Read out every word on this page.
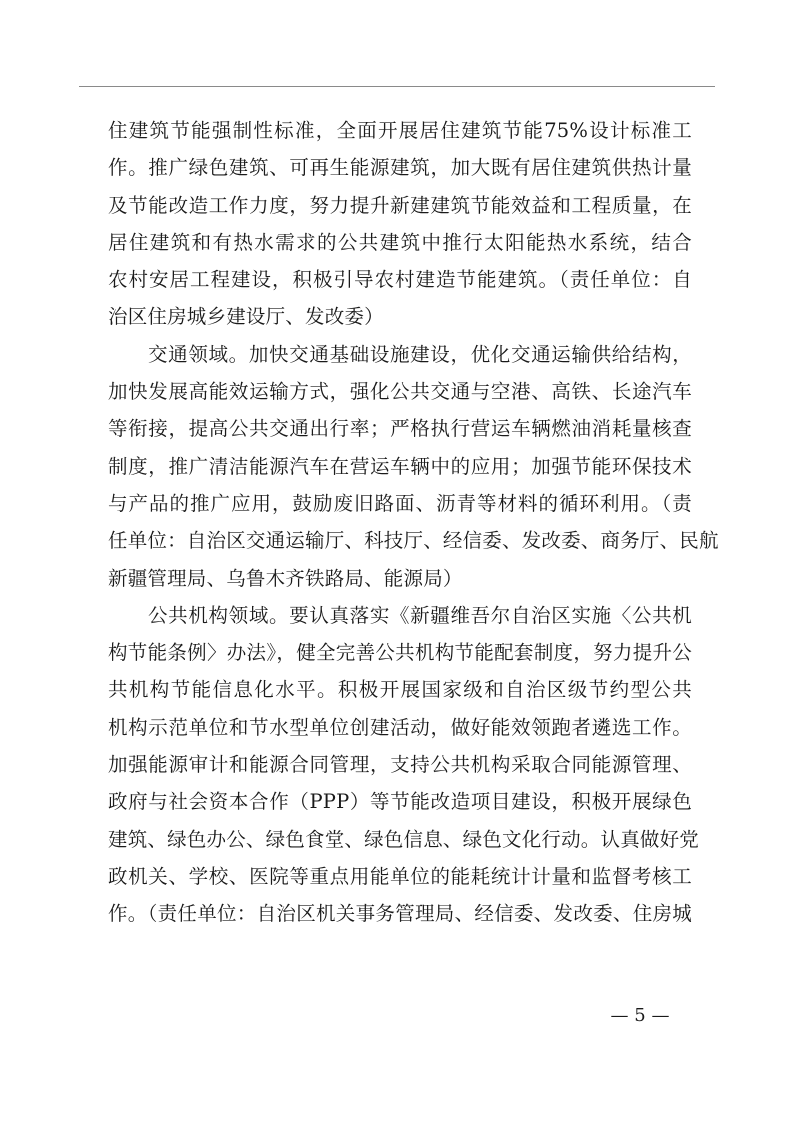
住建筑节能强制性标准，全面开展居住建筑节能75%设计标准工
作。推广绿色建筑、可再生能源建筑，加大既有居住建筑供热计量
及节能改造工作力度，努力提升新建建筑节能效益和工程质量，在
居住建筑和有热水需求的公共建筑中推行太阳能热水系统，结合
农村安居工程建设，积极引导农村建造节能建筑。（责任单位：自
治区住房城乡建设厅、发改委）
交通领域。加快交通基础设施建设，优化交通运输供给结构，
加快发展高能效运输方式，强化公共交通与空港、高铁、长途汽车
等衔接，提高公共交通出行率；严格执行营运车辆燃油消耗量核查
制度，推广清洁能源汽车在营运车辆中的应用；加强节能环保技术
与产品的推广应用，鼓励废旧路面、沥青等材料的循环利用。（责
任单位：自治区交通运输厅、科技厅、经信委、发改委、商务厅、民航
新疆管理局、乌鲁木齐铁路局、能源局）
公共机构领域。要认真落实《新疆维吾尔自治区实施〈公共机
构节能条例〉办法》，健全完善公共机构节能配套制度，努力提升公
共机构节能信息化水平。积极开展国家级和自治区级节约型公共
机构示范单位和节水型单位创建活动，做好能效领跑者遴选工作。
加强能源审计和能源合同管理，支持公共机构采取合同能源管理、
政府与社会资本合作（PPP）等节能改造项目建设，积极开展绿色
建筑、绿色办公、绿色食堂、绿色信息、绿色文化行动。认真做好党
政机关、学校、医院等重点用能单位的能耗统计计量和监督考核工
作。（责任单位：自治区机关事务管理局、经信委、发改委、住房城
— 5 —
